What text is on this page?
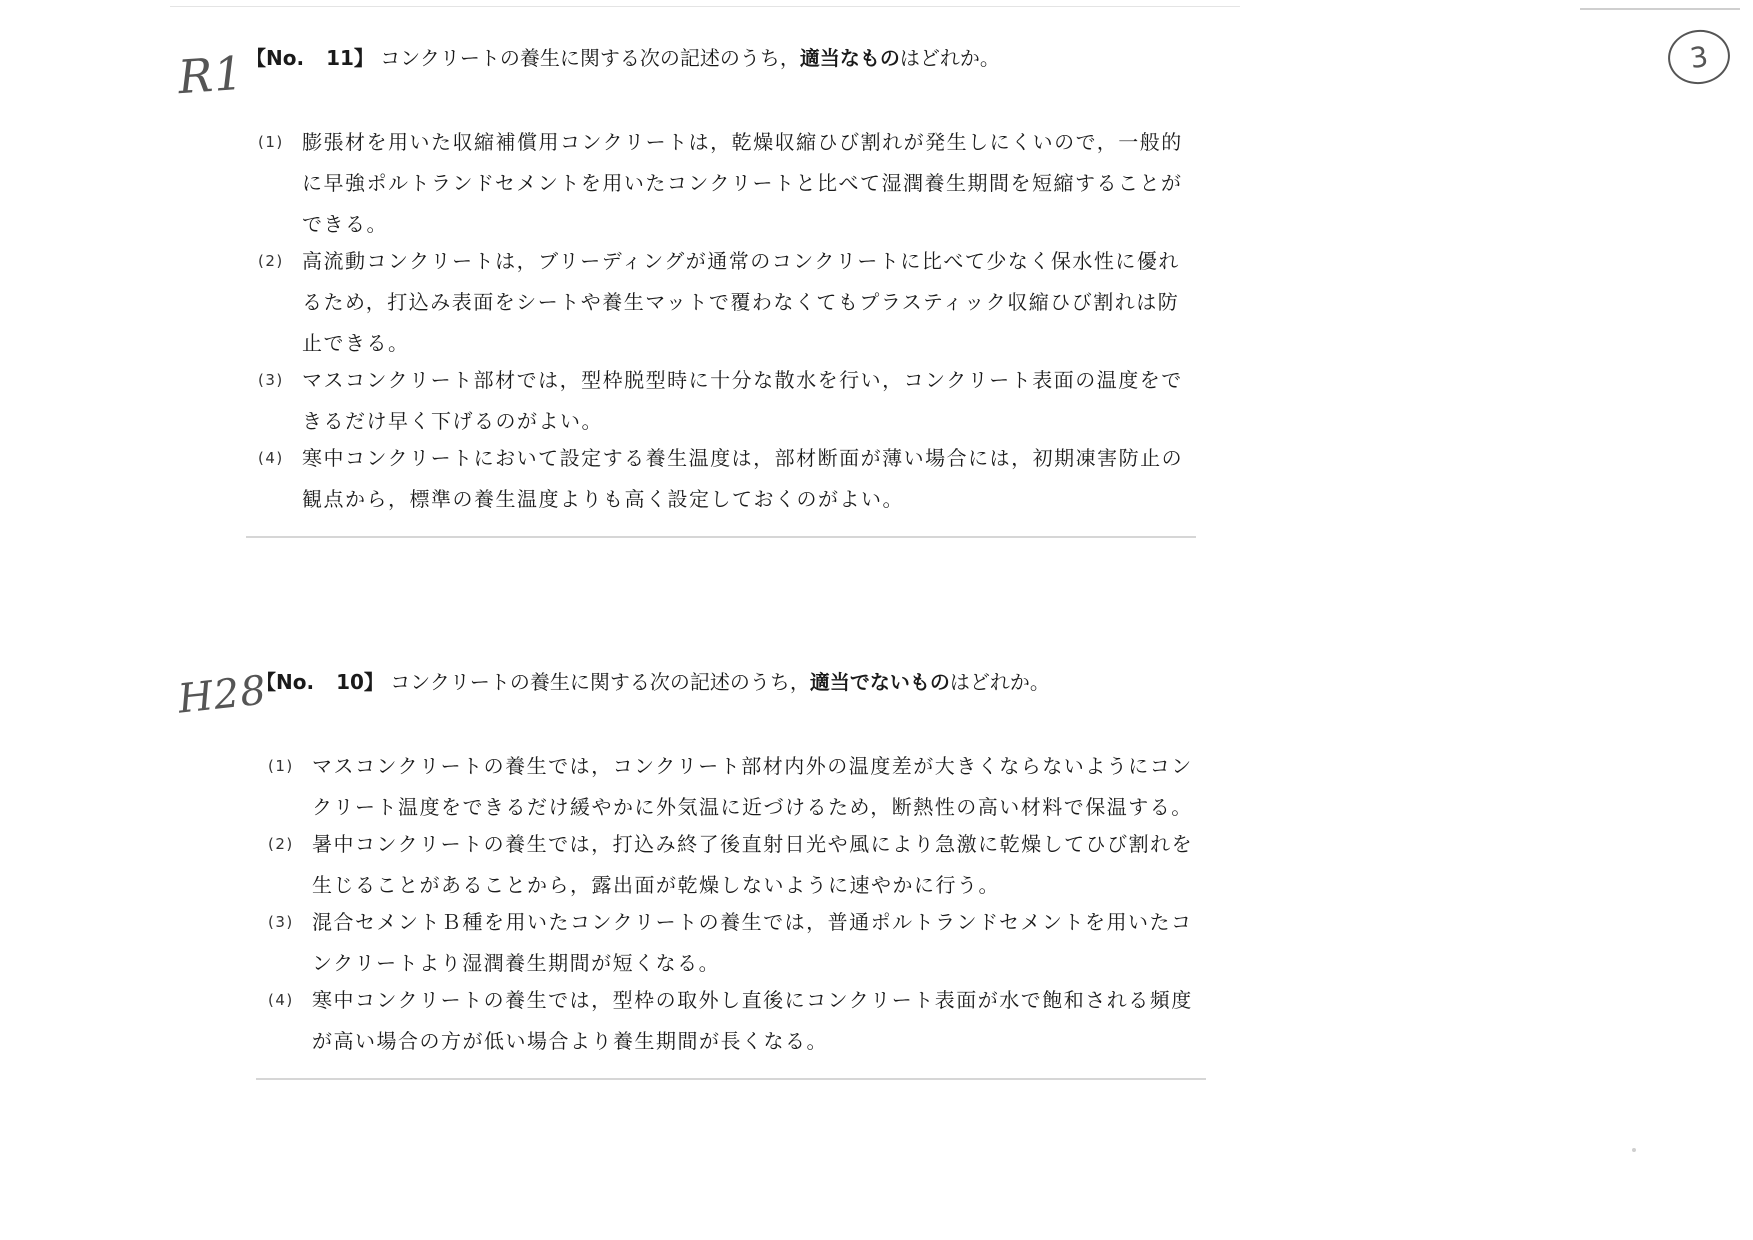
R1
H28
3
【No. 11】 コンクリートの養生に関する次の記述のうち，適当なものはどれか。
(1) 膨張材を用いた収縮補償用コンクリートは，乾燥収縮ひび割れが発生しにくいので，一般的に早強ポルトランドセメントを用いたコンクリートと比べて湿潤養生期間を短縮することができる。
(2) 高流動コンクリートは，ブリーディングが通常のコンクリートに比べて少なく保水性に優れるため，打込み表面をシートや養生マットで覆わなくてもプラスティック収縮ひび割れは防止できる。
(3) マスコンクリート部材では，型枠脱型時に十分な散水を行い，コンクリート表面の温度をできるだけ早く下げるのがよい。
(4) 寒中コンクリートにおいて設定する養生温度は，部材断面が薄い場合には，初期凍害防止の観点から，標準の養生温度よりも高く設定しておくのがよい。
【No. 10】 コンクリートの養生に関する次の記述のうち，適当でないものはどれか。
(1) マスコンクリートの養生では，コンクリート部材内外の温度差が大きくならないようにコンクリート温度をできるだけ緩やかに外気温に近づけるため，断熱性の高い材料で保温する。
(2) 暑中コンクリートの養生では，打込み終了後直射日光や風により急激に乾燥してひび割れを生じることがあることから，露出面が乾燥しないように速やかに行う。
(3) 混合セメントＢ種を用いたコンクリートの養生では，普通ポルトランドセメントを用いたコンクリートより湿潤養生期間が短くなる。
(4) 寒中コンクリートの養生では，型枠の取外し直後にコンクリート表面が水で飽和される頻度が高い場合の方が低い場合より養生期間が長くなる。
